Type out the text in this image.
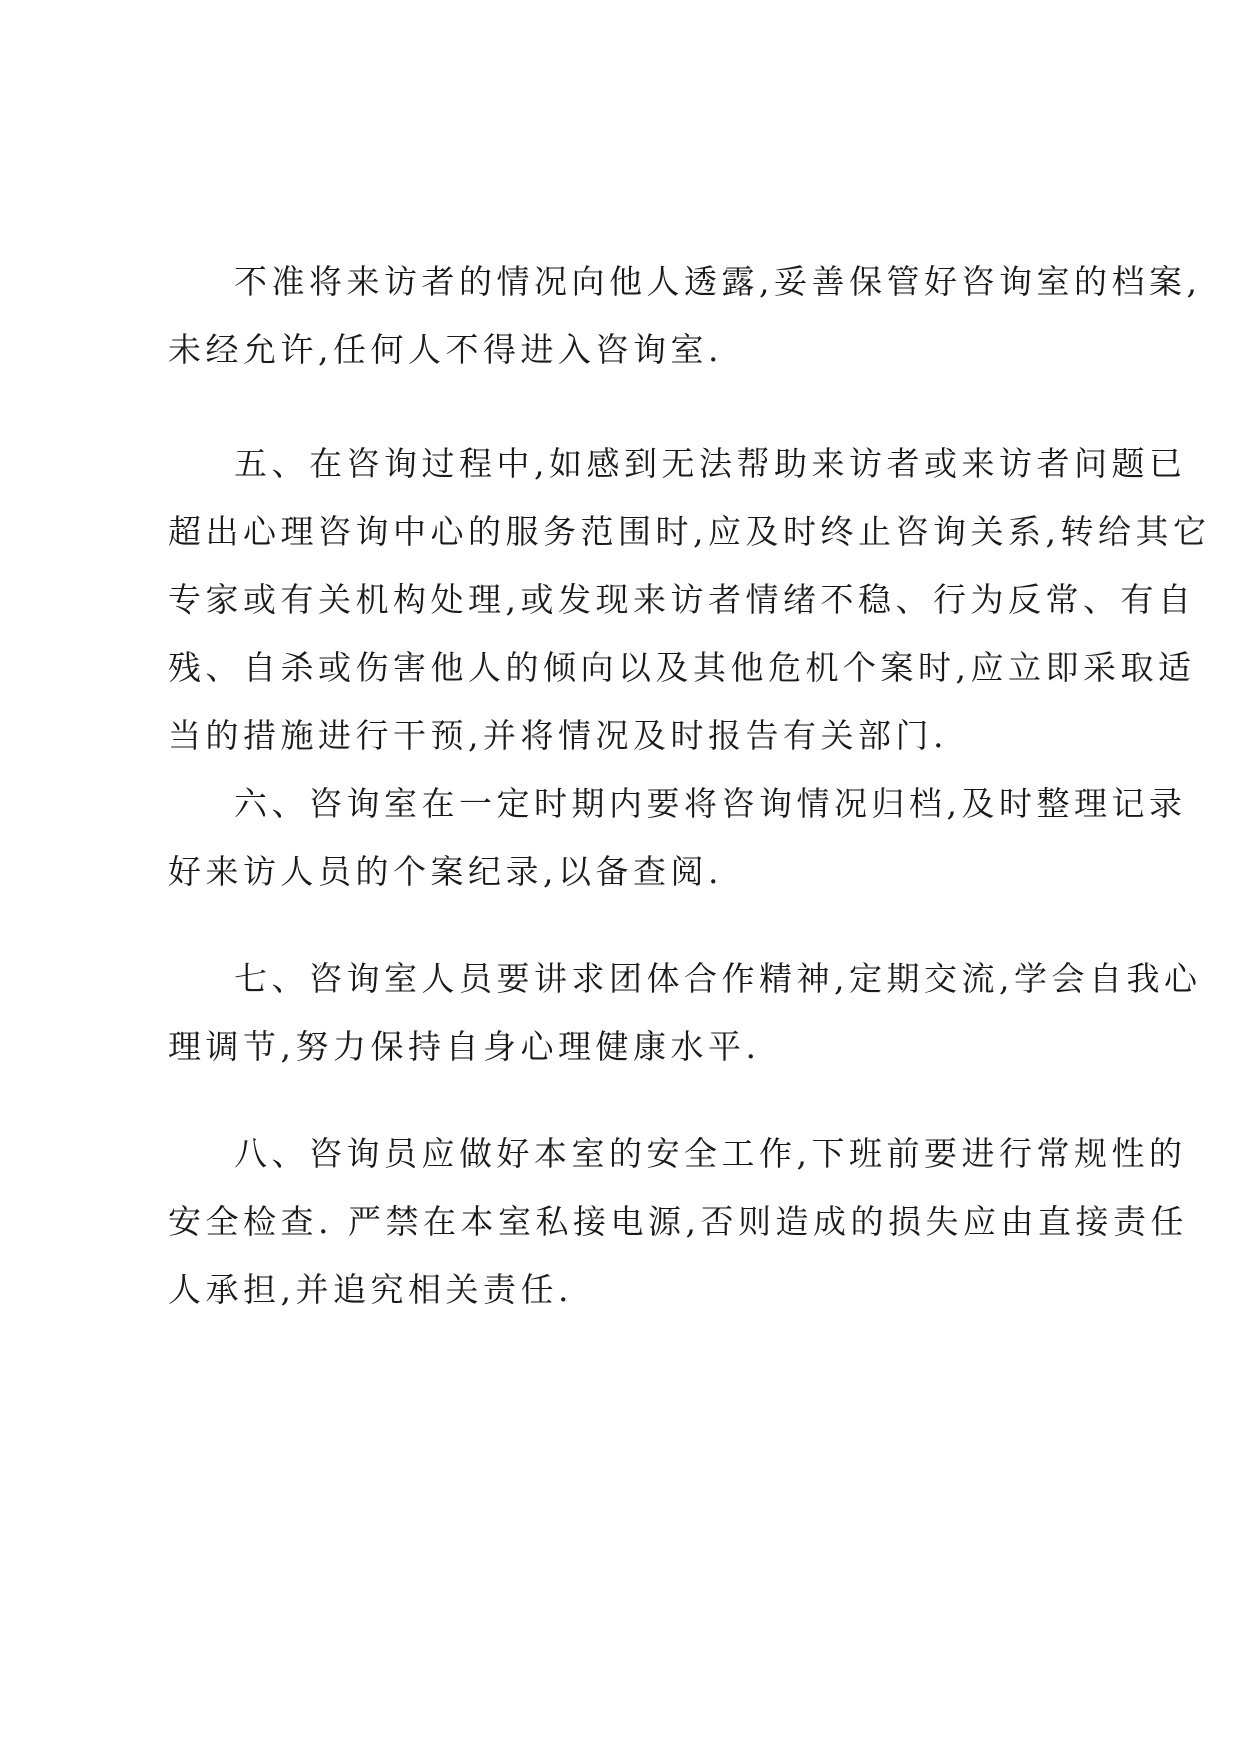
不准将来访者的情况向他人透露,妥善保管好咨询室的档案,
未经允许,任何人不得进入咨询室.
五、在咨询过程中,如感到无法帮助来访者或来访者问题已
超出心理咨询中心的服务范围时,应及时终止咨询关系,转给其它
专家或有关机构处理,或发现来访者情绪不稳、行为反常、有自
残、自杀或伤害他人的倾向以及其他危机个案时,应立即采取适
当的措施进行干预,并将情况及时报告有关部门.
六、咨询室在一定时期内要将咨询情况归档,及时整理记录
好来访人员的个案纪录,以备查阅.
七、咨询室人员要讲求团体合作精神,定期交流,学会自我心
理调节,努力保持自身心理健康水平.
八、咨询员应做好本室的安全工作,下班前要进行常规性的
安全检查. 严禁在本室私接电源,否则造成的损失应由直接责任
人承担,并追究相关责任.
